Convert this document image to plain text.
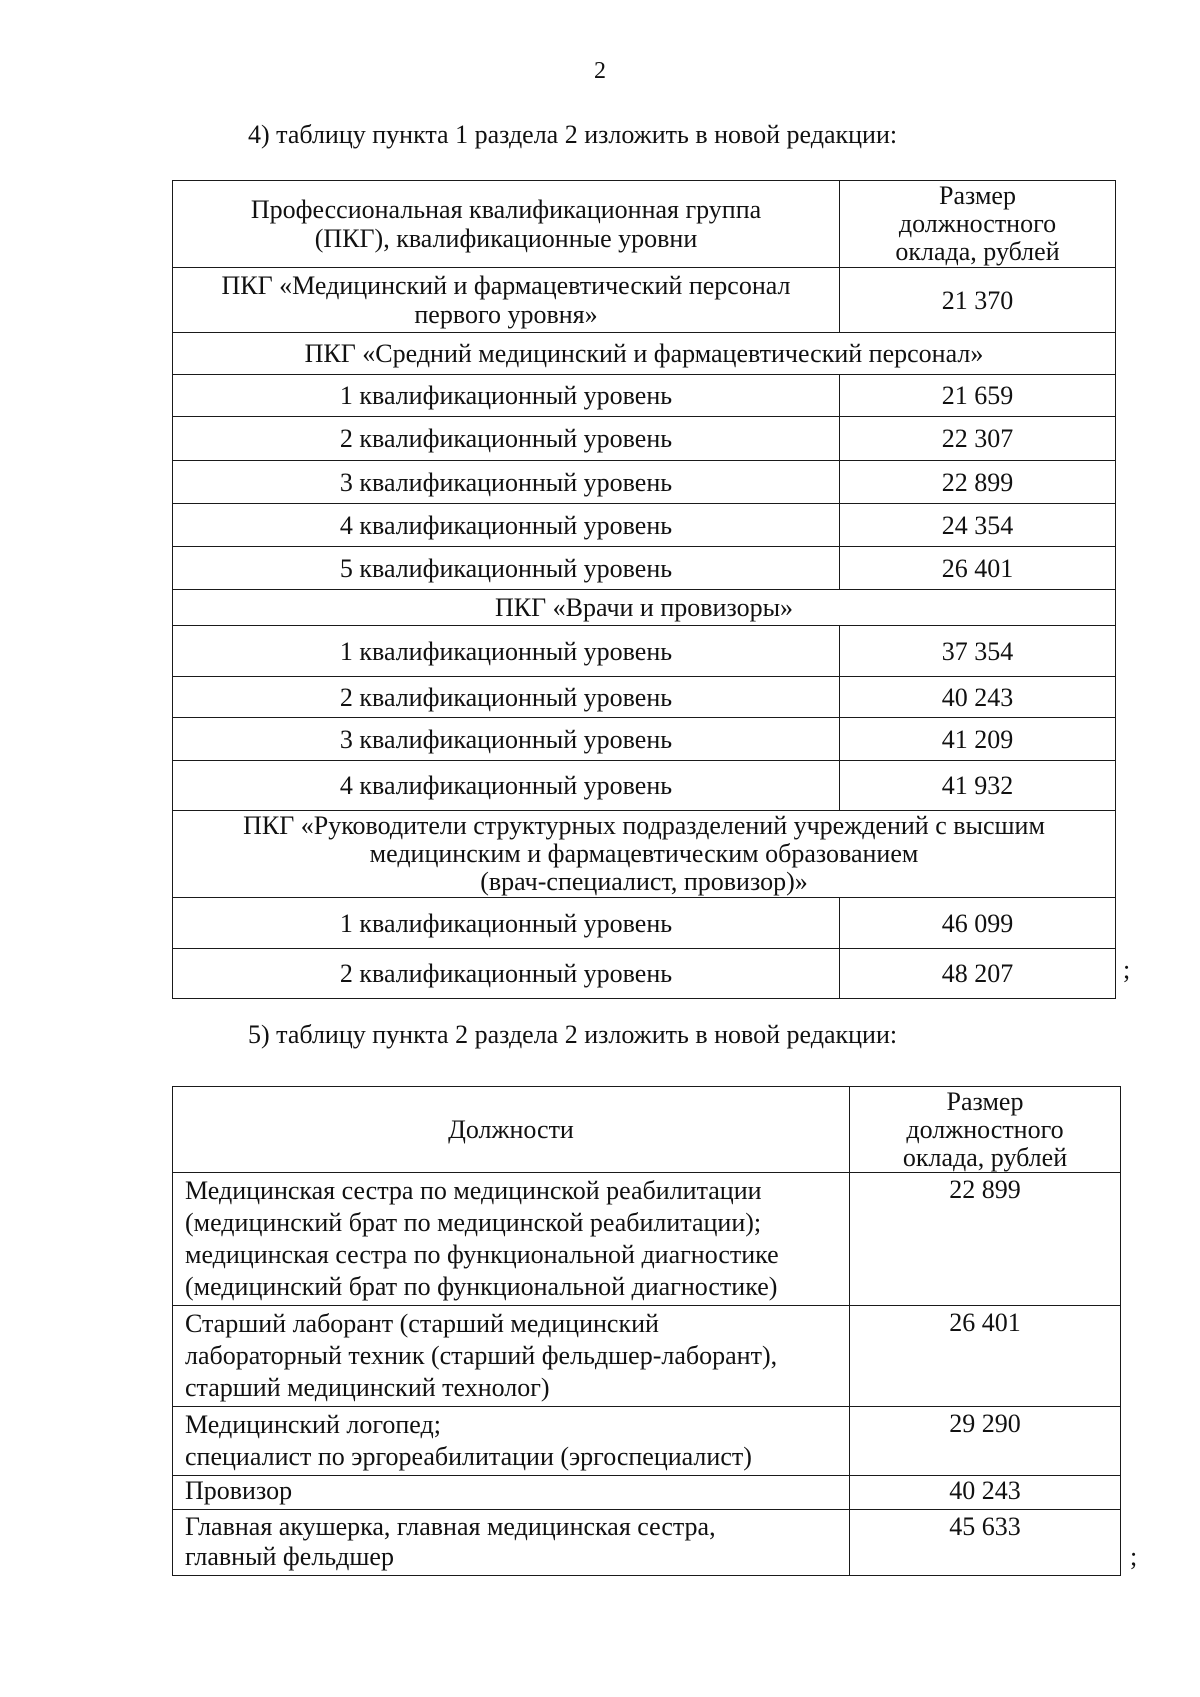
2
4) таблицу пункта 1 раздела 2 изложить в новой редакции:
Профессиональная квалификационная группа (ПКГ), квалификационные уровни	Размер должностного оклада, рублей
ПКГ «Медицинский и фармацевтический персонал первого уровня»	21 370
ПКГ «Средний медицинский и фармацевтический персонал»	
1 квалификационный уровень	21 659
2 квалификационный уровень	22 307
3 квалификационный уровень	22 899
4 квалификационный уровень	24 354
5 квалификационный уровень	26 401
ПКГ «Врачи и провизоры»	
1 квалификационный уровень	37 354
2 квалификационный уровень	40 243
3 квалификационный уровень	41 209
4 квалификационный уровень	41 932

ПКГ «Руководители структурных подразделений учреждений с высшим
медицинским и фармацевтическим образованием
(врач-специалист, провизор)»	

1 квалификационный уровень	46 099
2 квалификационный уровень	48 207	;
5) таблицу пункта 2 раздела 2 изложить в новой редакции:
Должности	Размер
должностного
оклада, рублей

Медицинская сестра по медицинской реабилитации
(медицинский брат по медицинской реабилитации);
медицинская сестра по функциональной диагностике
(медицинский брат по функциональной диагностике)	22 899

Старший лаборант (старший медицинский
лабораторный техник (старший фельдшер-лаборант),
старший медицинский технолог)	26 401

Медицинский логопед;
специалист по эргореабилитации (эргоспециалист)	29 290

Провизор	40 243

Главная акушерка, главная медицинская сестра,
главный фельдшер	45 633
;
